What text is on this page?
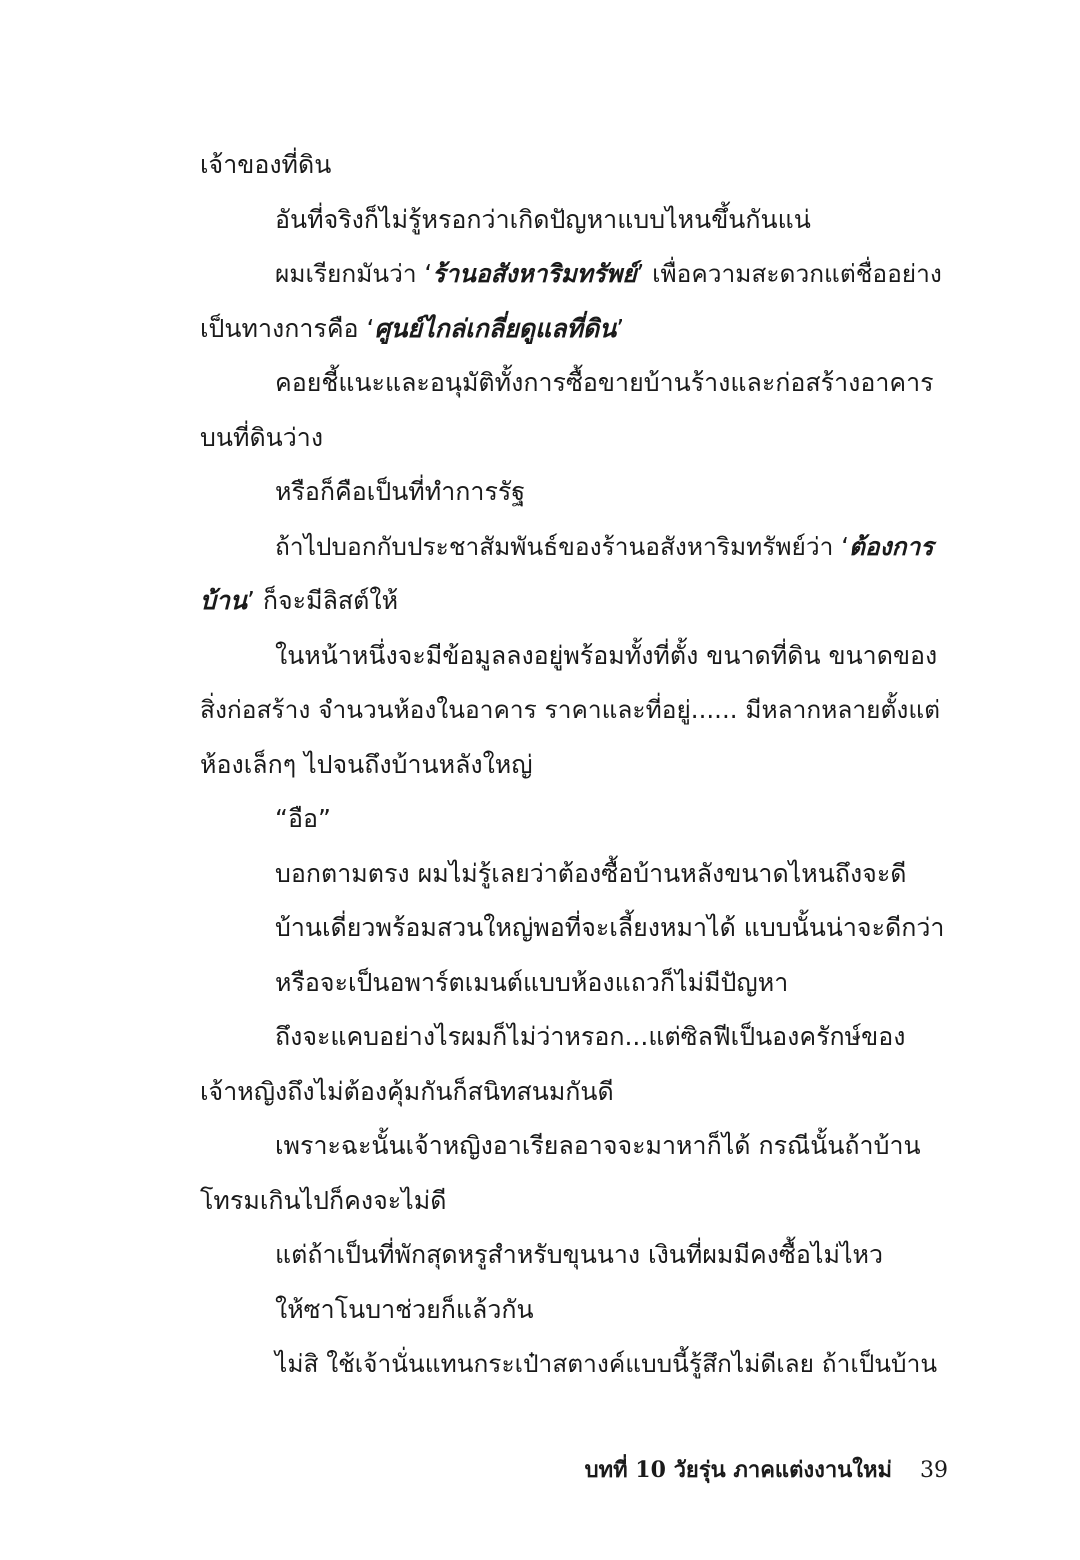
เจ้าของที่ดิน
อันที่จริงก็ไม่รู้หรอกว่าเกิดปัญหาแบบไหนขึ้นกันแน่
ผมเรียกมันว่า ‘ร้านอสังหาริมทรัพย์’ เพื่อความสะดวกแต่ชื่ออย่าง
เป็นทางการคือ ‘ศูนย์ไกล่เกลี่ยดูแลที่ดิน’
คอยชี้แนะและอนุมัติทั้งการซื้อขายบ้านร้างและก่อสร้างอาคาร
บนที่ดินว่าง
หรือก็คือเป็นที่ทำการรัฐ
ถ้าไปบอกกับประชาสัมพันธ์ของร้านอสังหาริมทรัพย์ว่า ‘ต้องการ
บ้าน’ ก็จะมีลิสต์ให้
ในหน้าหนึ่งจะมีข้อมูลลงอยู่พร้อมทั้งที่ตั้ง ขนาดที่ดิน ขนาดของ
สิ่งก่อสร้าง จำนวนห้องในอาคาร ราคาและที่อยู่...... มีหลากหลายตั้งแต่
ห้องเล็กๆ ไปจนถึงบ้านหลังใหญ่
“อือ”
บอกตามตรง ผมไม่รู้เลยว่าต้องซื้อบ้านหลังขนาดไหนถึงจะดี
บ้านเดี่ยวพร้อมสวนใหญ่พอที่จะเลี้ยงหมาได้ แบบนั้นน่าจะดีกว่า
หรือจะเป็นอพาร์ตเมนต์แบบห้องแถวก็ไม่มีปัญหา
ถึงจะแคบอย่างไรผมก็ไม่ว่าหรอก...แต่ซิลฟีเป็นองครักษ์ของ
เจ้าหญิงถึงไม่ต้องคุ้มกันก็สนิทสนมกันดี
เพราะฉะนั้นเจ้าหญิงอาเรียลอาจจะมาหาก็ได้ กรณีนั้นถ้าบ้าน
โทรมเกินไปก็คงจะไม่ดี
แต่ถ้าเป็นที่พักสุดหรูสำหรับขุนนาง เงินที่ผมมีคงซื้อไม่ไหว
ให้ซาโนบาช่วยก็แล้วกัน
ไม่สิ ใช้เจ้านั่นแทนกระเป๋าสตางค์แบบนี้รู้สึกไม่ดีเลย ถ้าเป็นบ้าน
บทที่ 10 วัยรุ่น ภาคแต่งงานใหม่ 39
